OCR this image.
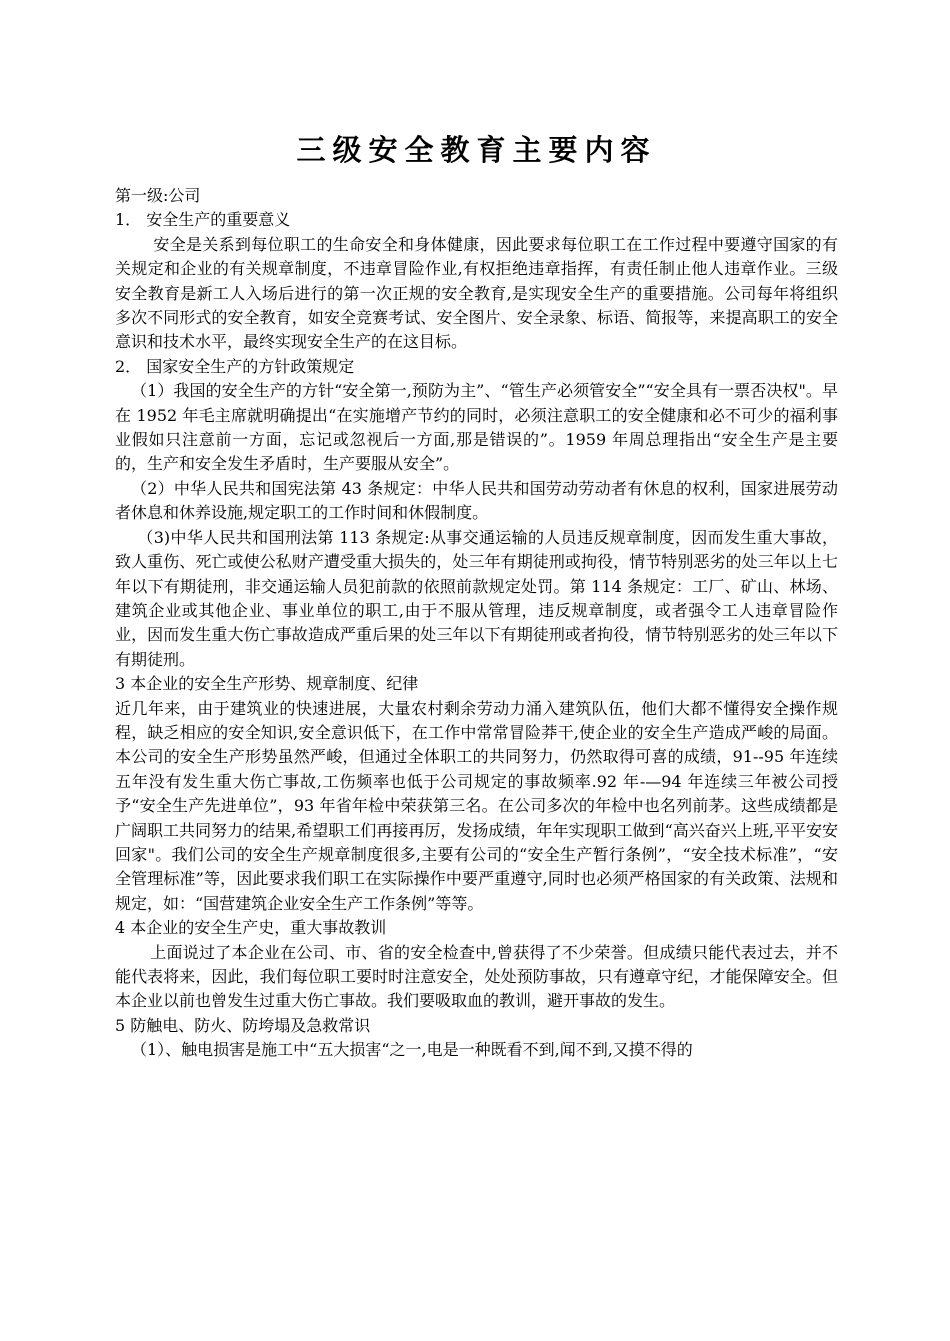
三级安全教育主要内容

第一级:公司

1． 安全生产的重要意义

安全是关系到每位职工的生命安全和身体健康，因此要求每位职工在工作过程中要遵守国家的有关规定和企业的有关规章制度，不违章冒险作业,有权拒绝违章指挥，有责任制止他人违章作业。三级安全教育是新工人入场后进行的第一次正规的安全教育,是实现安全生产的重要措施。公司每年将组织多次不同形式的安全教育，如安全竞赛考试、安全图片、安全录象、标语、简报等，来提高职工的安全意识和技术水平，最终实现安全生产的在这目标。

2． 国家安全生产的方针政策规定

（1）我国的安全生产的方针“安全第一,预防为主”、“管生产必须管安全”“安全具有一票否决权"。早在 1952 年毛主席就明确提出“在实施增产节约的同时，必须注意职工的安全健康和必不可少的福利事业假如只注意前一方面，忘记或忽视后一方面,那是错误的”。1959 年周总理指出“安全生产是主要的，生产和安全发生矛盾时，生产要服从安全”。

（2）中华人民共和国宪法第 43 条规定：中华人民共和国劳动劳动者有休息的权利，国家进展劳动者休息和休养设施,规定职工的工作时间和休假制度。

（3)中华人民共和国刑法第 113 条规定:从事交通运输的人员违反规章制度，因而发生重大事故，致人重伤、死亡或使公私财产遭受重大损失的，处三年有期徒刑或拘役，情节特别恶劣的处三年以上七年以下有期徒刑，非交通运输人员犯前款的依照前款规定处罚。第 114 条规定：工厂、矿山、林场、建筑企业或其他企业、事业单位的职工,由于不服从管理，违反规章制度，或者强令工人违章冒险作业，因而发生重大伤亡事故造成严重后果的处三年以下有期徒刑或者拘役，情节特别恶劣的处三年以下有期徒刑。

3 本企业的安全生产形势、规章制度、纪律

近几年来，由于建筑业的快速进展，大量农村剩余劳动力涌入建筑队伍，他们大都不懂得安全操作规程，缺乏相应的安全知识,安全意识低下，在工作中常常冒险莽干,使企业的安全生产造成严峻的局面。本公司的安全生产形势虽然严峻，但通过全体职工的共同努力，仍然取得可喜的成绩，91--95 年连续五年没有发生重大伤亡事故,工伤频率也低于公司规定的事故频率.92 年-—94 年连续三年被公司授予“安全生产先进单位”，93 年省年检中荣获第三名。在公司多次的年检中也名列前茅。这些成绩都是广阔职工共同努力的结果,希望职工们再接再厉，发扬成绩，年年实现职工做到“高兴奋兴上班,平平安安回家"。我们公司的安全生产规章制度很多,主要有公司的“安全生产暂行条例”，“安全技术标准”，“安全管理标准”等，因此要求我们职工在实际操作中要严重遵守,同时也必须严格国家的有关政策、法规和规定，如：“国营建筑企业安全生产工作条例”等等。

4 本企业的安全生产史，重大事故教训

上面说过了本企业在公司、市、省的安全检查中,曾获得了不少荣誉。但成绩只能代表过去，并不能代表将来，因此，我们每位职工要时时注意安全，处处预防事故，只有遵章守纪，才能保障安全。但本企业以前也曾发生过重大伤亡事故。我们要吸取血的教训，避开事故的发生。

5 防触电、防火、防垮塌及急救常识

（1）、触电损害是施工中“五大损害“之一,电是一种既看不到,闻不到,又摸不得的
